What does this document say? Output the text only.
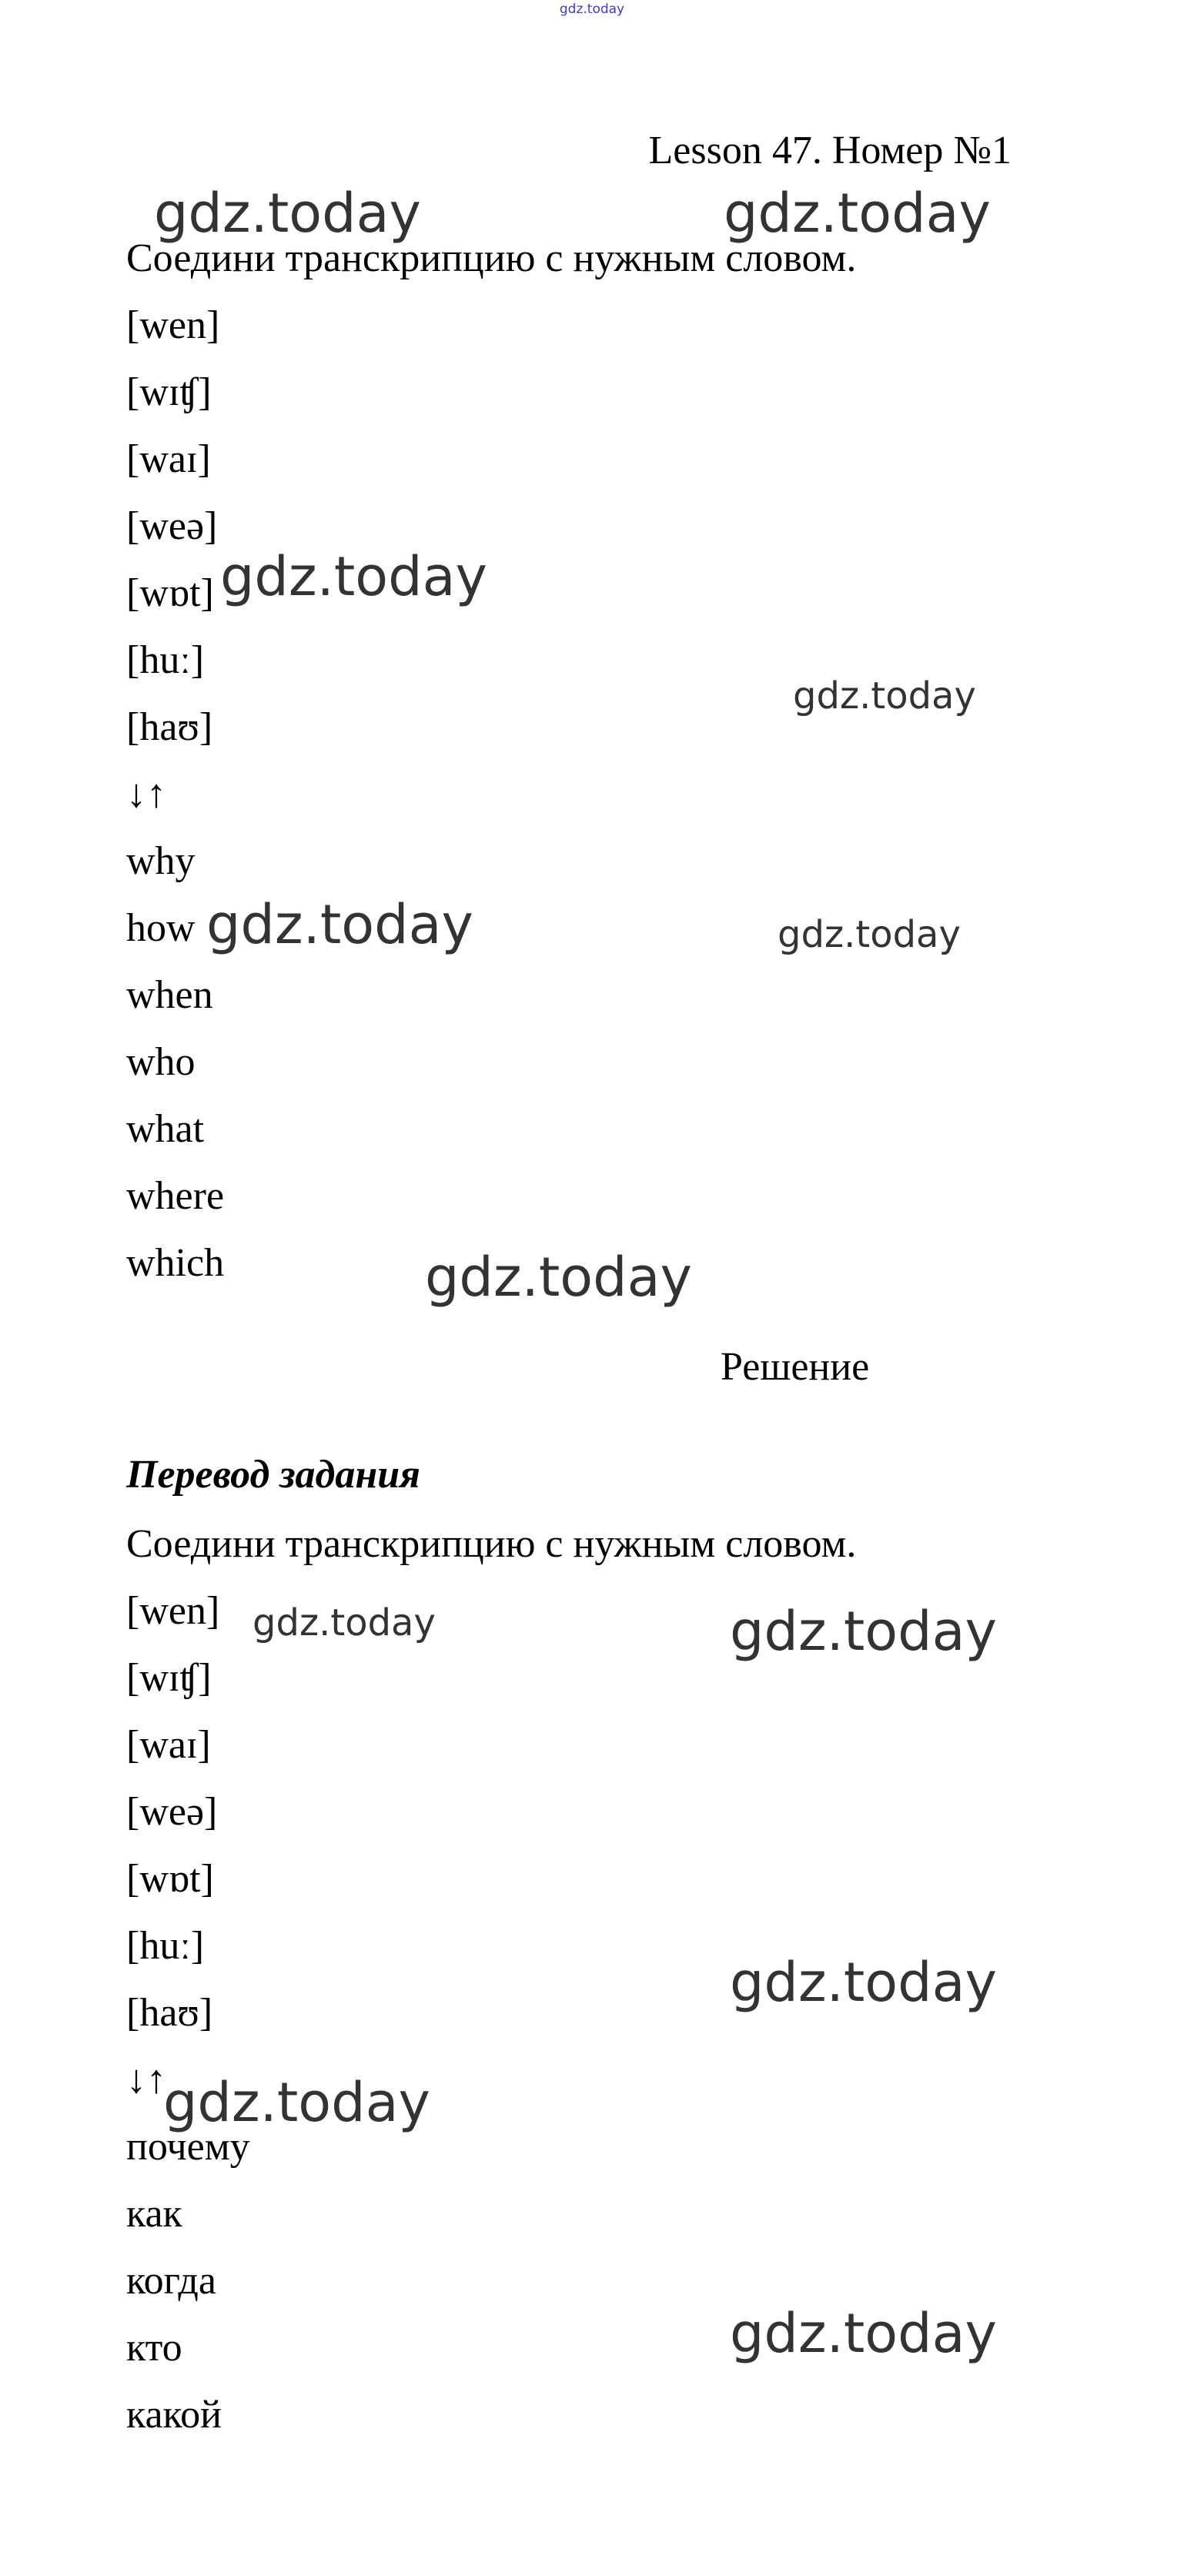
gdz.today
Lesson 47. Номер №1
Соедини транскрипцию с нужным словом.
[wen]
[wɪʧ]
[waɪ]
[weə]
[wɒt]
[huː]
[haʊ]
↓↑
why
how
when
who
what
where
which
Решение
Перевод задания
Соедини транскрипцию с нужным словом.
[wen]
[wɪʧ]
[waɪ]
[weə]
[wɒt]
[huː]
[haʊ]
↓↑
почему
как
когда
кто
какой
gdz.today	gdz.today
gdz.today
gdz.today
gdz.today	gdz.today
gdz.today
gdz.today	gdz.today
gdz.today
gdz.today
gdz.today
